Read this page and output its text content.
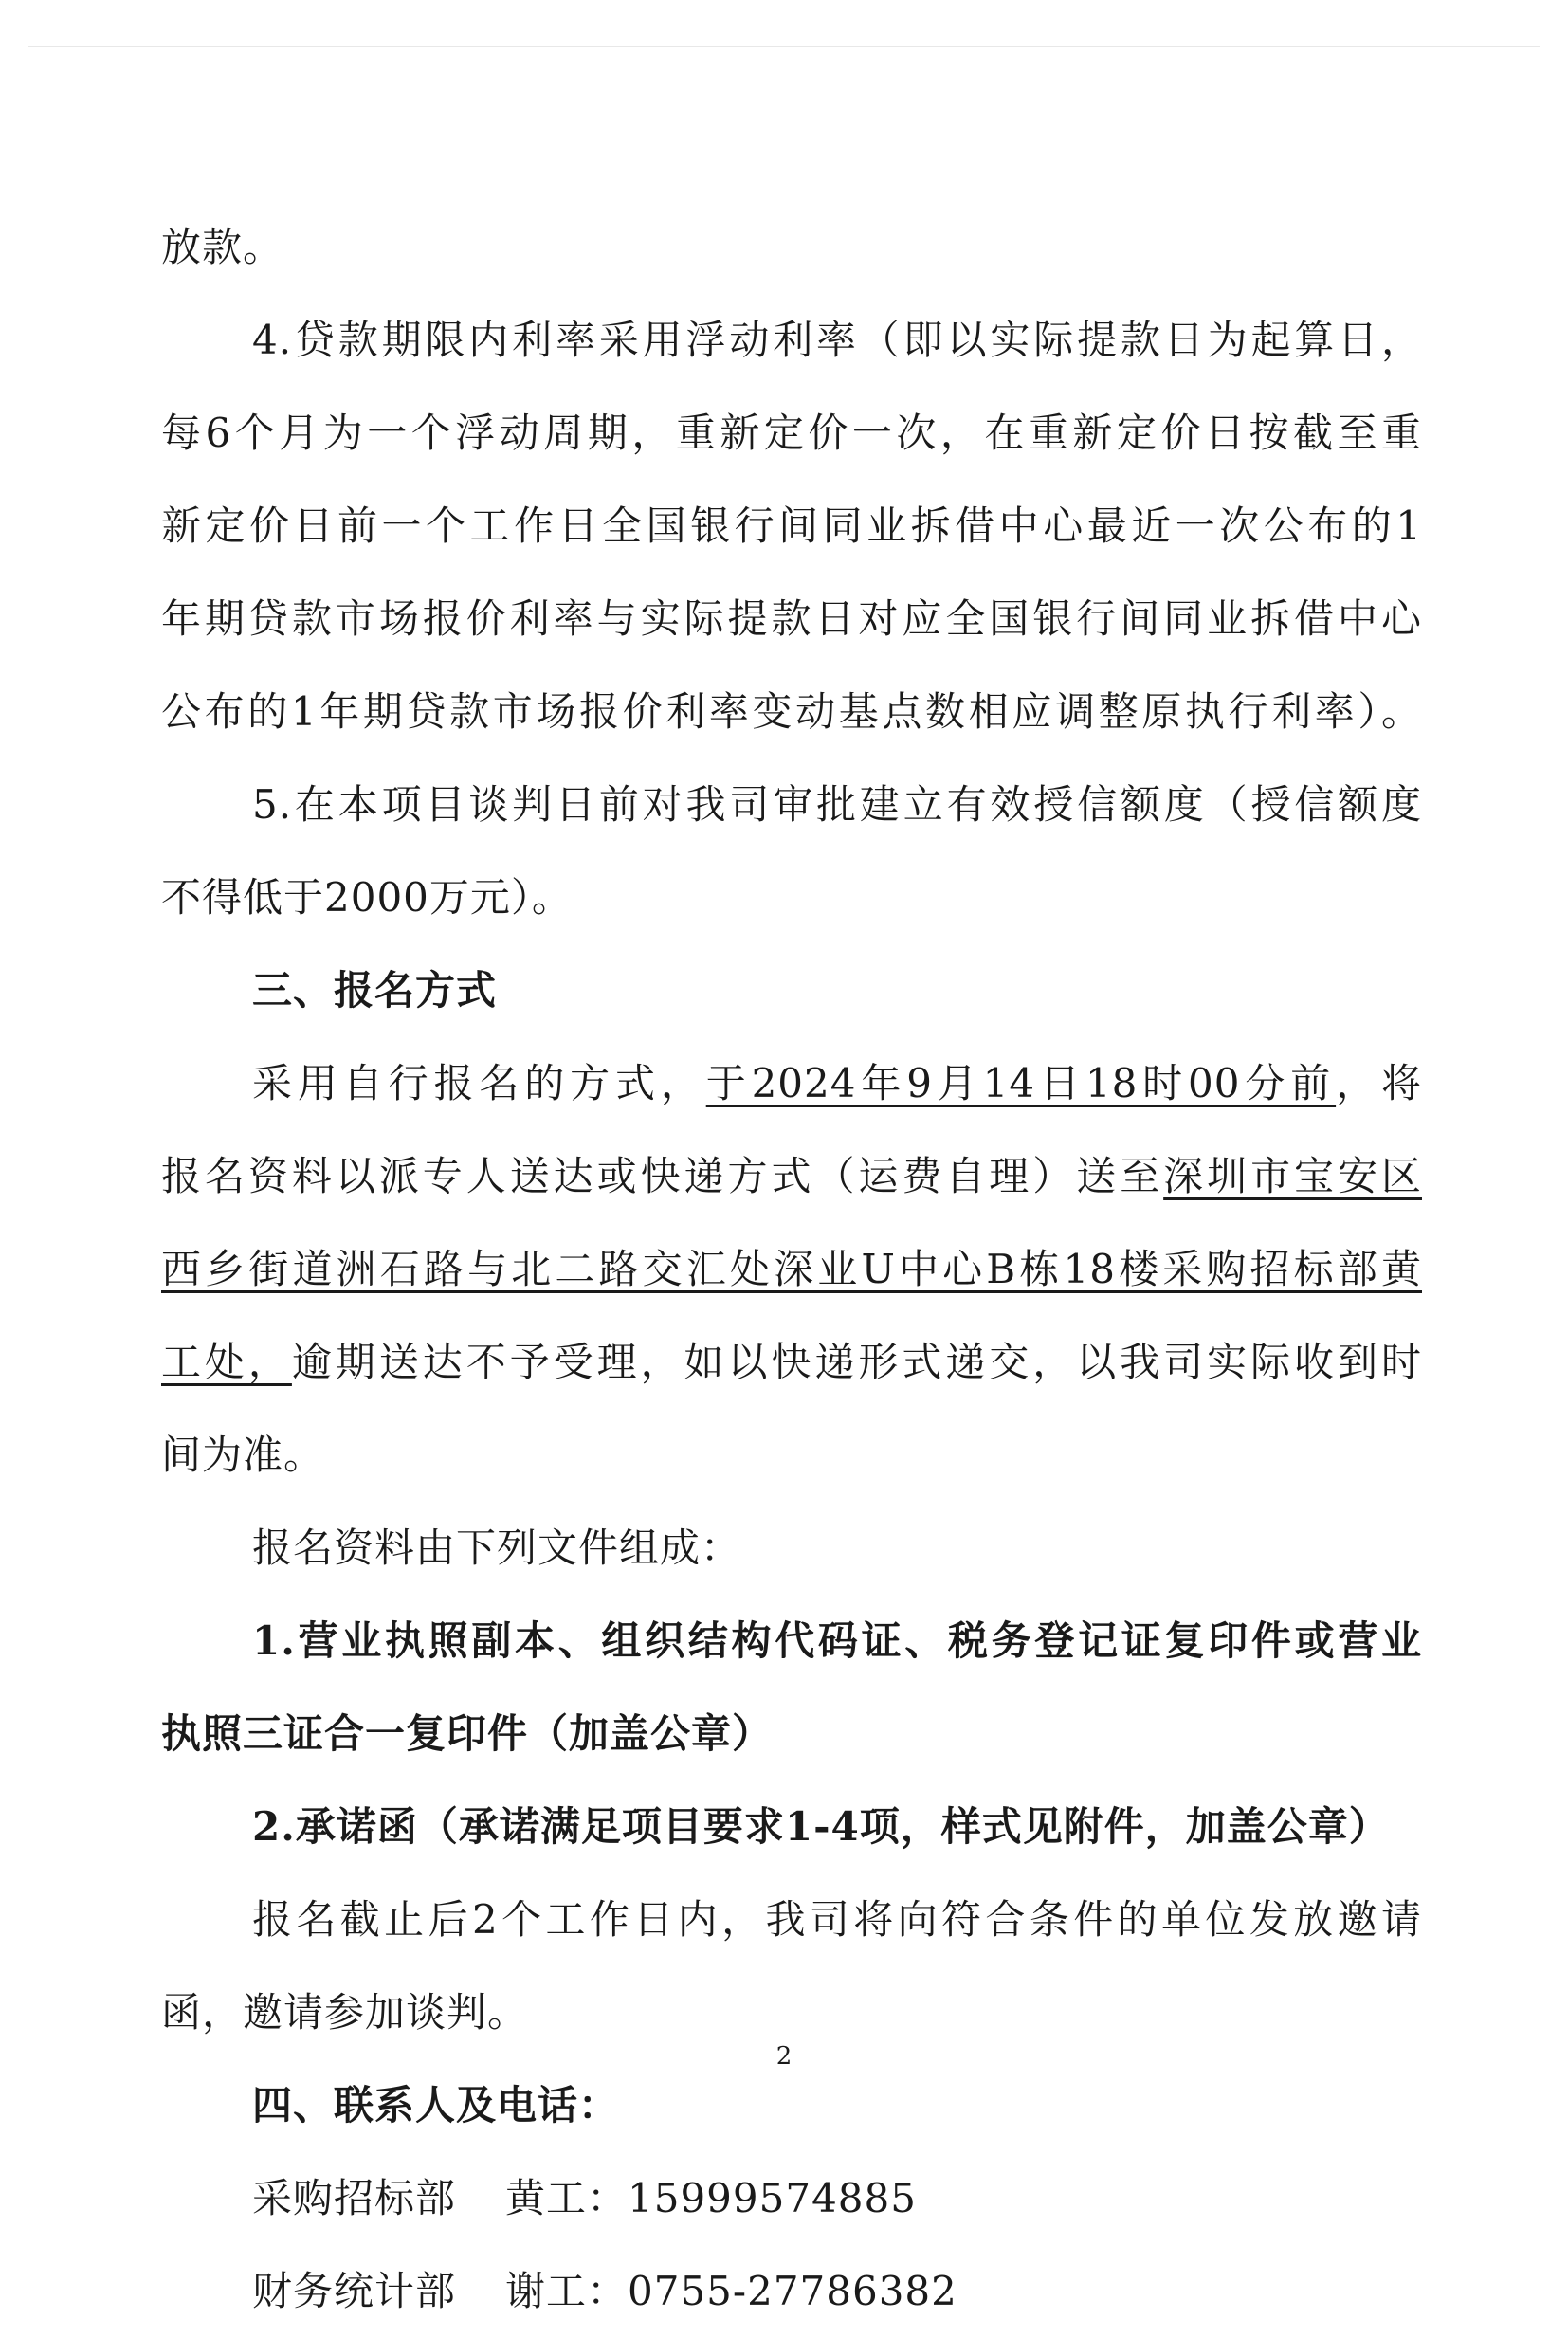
放款。
4.贷款期限内利率采用浮动利率（即以实际提款日为起算日，
每6个月为一个浮动周期，重新定价一次，在重新定价日按截至重
新定价日前一个工作日全国银行间同业拆借中心最近一次公布的1
年期贷款市场报价利率与实际提款日对应全国银行间同业拆借中心
公布的1年期贷款市场报价利率变动基点数相应调整原执行利率）。
5.在本项目谈判日前对我司审批建立有效授信额度（授信额度
不得低于2000万元）。
三、报名方式
采用自行报名的方式，于2024年9月14日18时00分前，将
报名资料以派专人送达或快递方式（运费自理）送至深圳市宝安区
西乡街道洲石路与北二路交汇处深业U中心B栋18楼采购招标部黄
工处，逾期送达不予受理，如以快递形式递交，以我司实际收到时
间为准。
报名资料由下列文件组成：
1.营业执照副本、组织结构代码证、税务登记证复印件或营业
执照三证合一复印件（加盖公章）
2.承诺函（承诺满足项目要求1-4项，样式见附件，加盖公章）
报名截止后2个工作日内，我司将向符合条件的单位发放邀请
函，邀请参加谈判。
四、联系人及电话：
采购招标部 黄工：15999574885
财务统计部 谢工：0755-27786382
2
